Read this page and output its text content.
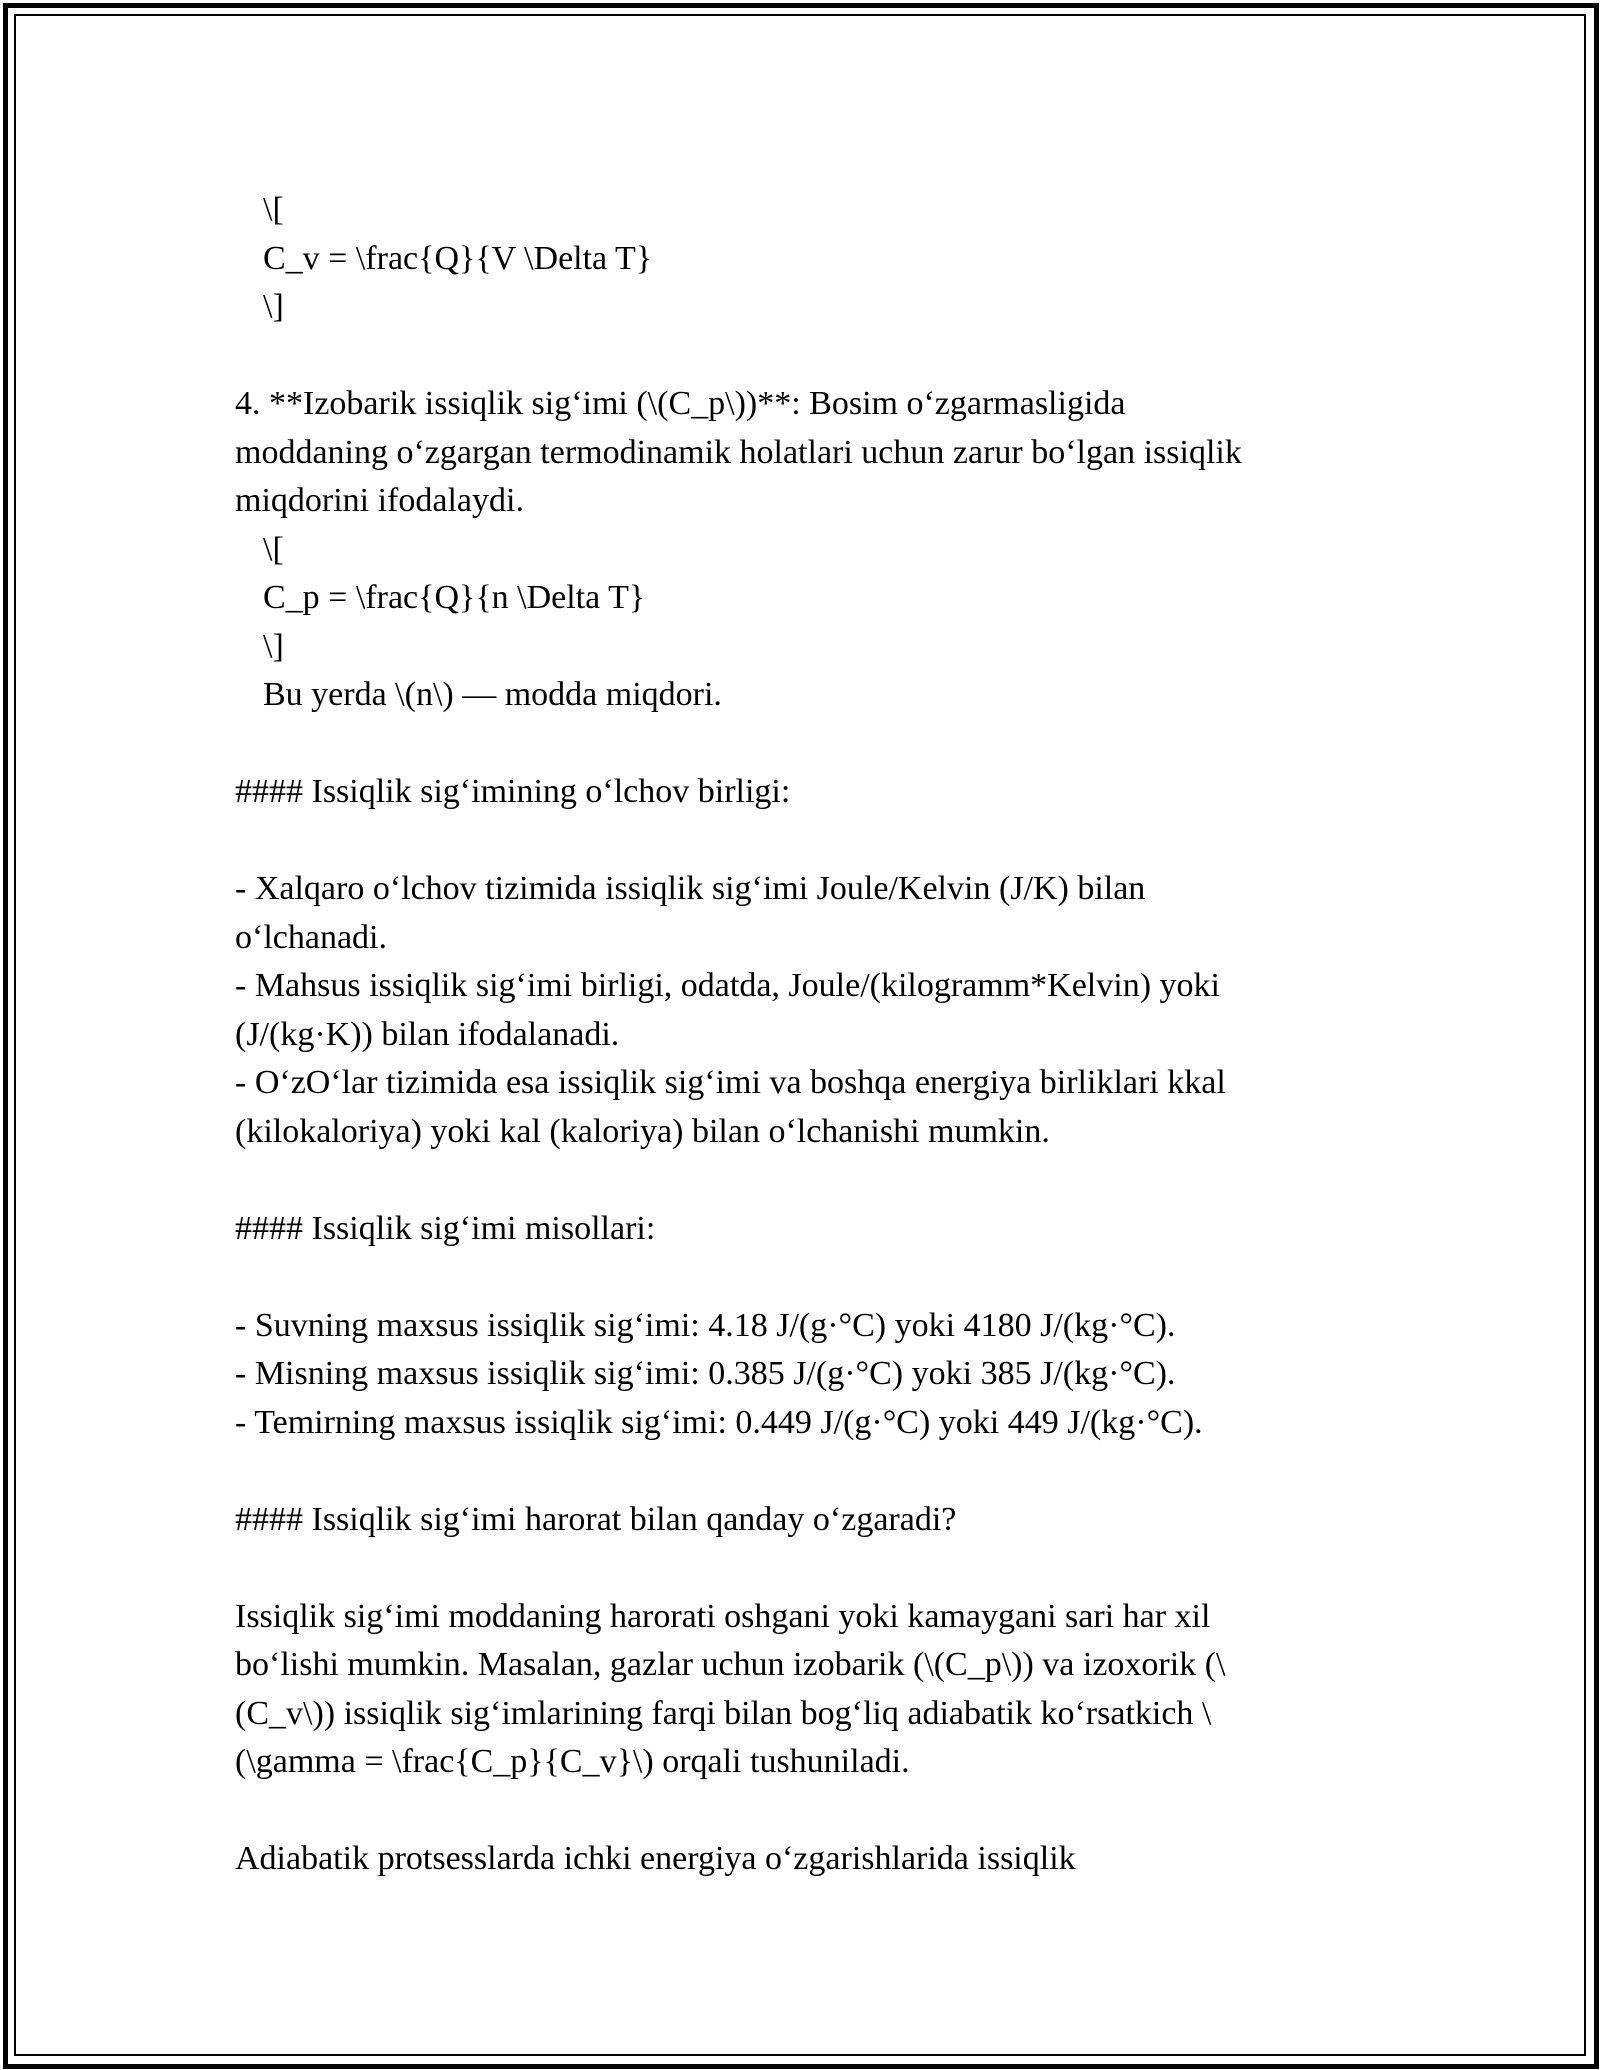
\[
C_v = \frac{Q}{V \Delta T}
\]
4. **Izobarik issiqlik sig‘imi (\(C_p\))**: Bosim o‘zgarmasligida
moddaning o‘zgargan termodinamik holatlari uchun zarur bo‘lgan issiqlik
miqdorini ifodalaydi.
\[
C_p = \frac{Q}{n \Delta T}
\]
Bu yerda \(n\) — modda miqdori.
#### Issiqlik sig‘imining o‘lchov birligi:
- Xalqaro o‘lchov tizimida issiqlik sig‘imi Joule/Kelvin (J/K) bilan
o‘lchanadi.
- Mahsus issiqlik sig‘imi birligi, odatda, Joule/(kilogramm*Kelvin) yoki
(J/(kg·K)) bilan ifodalanadi.
- O‘zO‘lar tizimida esa issiqlik sig‘imi va boshqa energiya birliklari kkal
(kilokaloriya) yoki kal (kaloriya) bilan o‘lchanishi mumkin.
#### Issiqlik sig‘imi misollari:
- Suvning maxsus issiqlik sig‘imi: 4.18 J/(g·°C) yoki 4180 J/(kg·°C).
- Misning maxsus issiqlik sig‘imi: 0.385 J/(g·°C) yoki 385 J/(kg·°C).
- Temirning maxsus issiqlik sig‘imi: 0.449 J/(g·°C) yoki 449 J/(kg·°C).
#### Issiqlik sig‘imi harorat bilan qanday o‘zgaradi?
Issiqlik sig‘imi moddaning harorati oshgani yoki kamaygani sari har xil
bo‘lishi mumkin. Masalan, gazlar uchun izobarik (\(C_p\)) va izoxorik (\
(C_v\)) issiqlik sig‘imlarining farqi bilan bog‘liq adiabatik ko‘rsatkich \
(\gamma = \frac{C_p}{C_v}\) orqali tushuniladi.
Adiabatik protsesslarda ichki energiya o‘zgarishlarida issiqlik
